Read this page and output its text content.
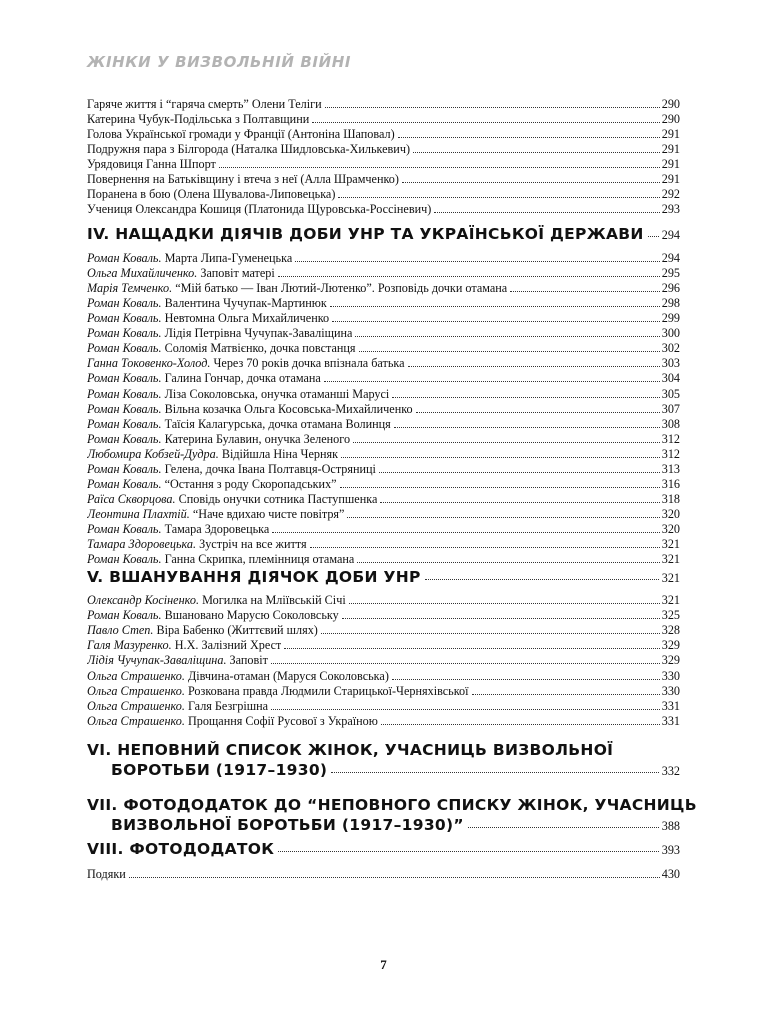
ЖІНКИ У ВИЗВОЛЬНІЙ ВІЙНІ
Гаряче життя і “гаряча смерть” Олени Теліги	290
Катерина Чубук-Подільська з Полтавщини	290
Голова Української громади у Франції (Антоніна Шаповал)	291
Подружня пара з Білгорода (Наталка Шидловська-Хилькевич)	291
Урядовиця Ганна Шпорт	291
Повернення на Батьківщину і втеча з неї (Алла Шрамченко)	291
Поранена в бою (Олена Шувалова-Липовецька)	292
Учениця Олександра Кошиця (Платонида Щуровська-Россіневич)	293
IV. НАЩАДКИ ДІЯЧІВ ДОБИ УНР ТА УКРАЇНСЬКОЇ ДЕРЖАВИ 294
Роман Коваль. Марта Липа-Гуменецька	294
Ольга Михайличенко. Заповіт матері	295
Марія Темченко. “Мій батько — Іван Лютий-Лютенко”. Розповідь дочки отамана	296
Роман Коваль. Валентина Чучупак-Мартинюк	298
Роман Коваль. Невтомна Ольга Михайличенко	299
Роман Коваль. Лідія Петрівна Чучупак-Заваліщина	300
Роман Коваль. Соломія Матвієнко, дочка повстанця	302
Ганна Токовенко-Холод. Через 70 років дочка впізнала батька	303
Роман Коваль. Галина Гончар, дочка отамана	304
Роман Коваль. Ліза Соколовська, онучка отаманші Марусі	305
Роман Коваль. Вільна козачка Ольга Косовська-Михайличенко	307
Роман Коваль. Таїсія Калагурська, дочка отамана Волинця	308
Роман Коваль. Катерина Булавин, онучка Зеленого	312
Любомира Кобзей-Дудра. Відійшла Ніна Черняк	312
Роман Коваль. Гелена, дочка Івана Полтавця-Остряниці	313
Роман Коваль. “Остання з роду Скоропадських”	316
Раїса Скворцова. Сповідь онучки сотника Паступшенка	318
Леонтина Плахтій. “Наче вдихаю чисте повітря”	320
Роман Коваль. Тамара Здоровецька	320
Тамара Здоровецька. Зустріч на все життя	321
Роман Коваль. Ганна Скрипка, племінниця отамана	321
V. ВШАНУВАННЯ ДІЯЧОК ДОБИ УНР	321
Олександр Косіненко. Могилка на Мліївській Січі	321
Роман Коваль. Вшановано Марусю Соколовську	325
Павло Степ. Віра Бабенко (Життєвий шлях)	328
Галя Мазуренко. Н.Х. Залізний Хрест	329
Лідія Чучупак-Заваліщина. Заповіт	329
Ольга Страшенко. Дівчина-отаман (Маруся Соколовська)	330
Ольга Страшенко. Розкована правда Людмили Старицької-Черняхівської	330
Ольга Страшенко. Галя Безгрішна	331
Ольга Страшенко. Прощання Софії Русової з Україною	331
VI. НЕПОВНИЙ СПИСОК ЖІНОК, УЧАСНИЦЬ ВИЗВОЛЬНОЇ
БОРОТЬБИ (1917–1930)	332
VII. ФОТОДОДАТОК ДО “НЕПОВНОГО СПИСКУ ЖІНОК, УЧАСНИЦЬ
ВИЗВОЛЬНОЇ БОРОТЬБИ (1917–1930)”	388
VIII. ФОТОДОДАТОК	393
Подяки	430
7
